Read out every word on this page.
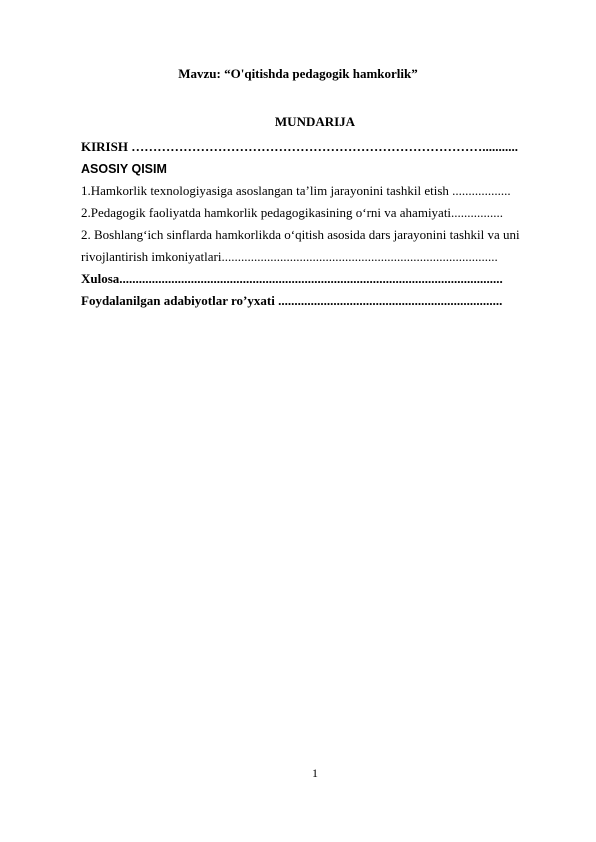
Mavzu: “O'qitishda pedagogik hamkorlik”
MUNDARIJA
KIRISH ………………………………………………………………………...........
ASOSIY QISIM
1.Hamkorlik texnologiyasiga asoslangan ta’lim jarayonini tashkil etish ..................
2.Pedagogik faoliyatda hamkorlik pedagogikasining o‘rni va ahamiyati................
2. Boshlang‘ich sinflarda hamkorlikda o‘qitish asosida dars jarayonini tashkil va uni
rivojlantirish imkoniyatlari.....................................................................................
Xulosa......................................................................................................................
Foydalanilgan adabiyotlar ro’yxati .....................................................................
1
